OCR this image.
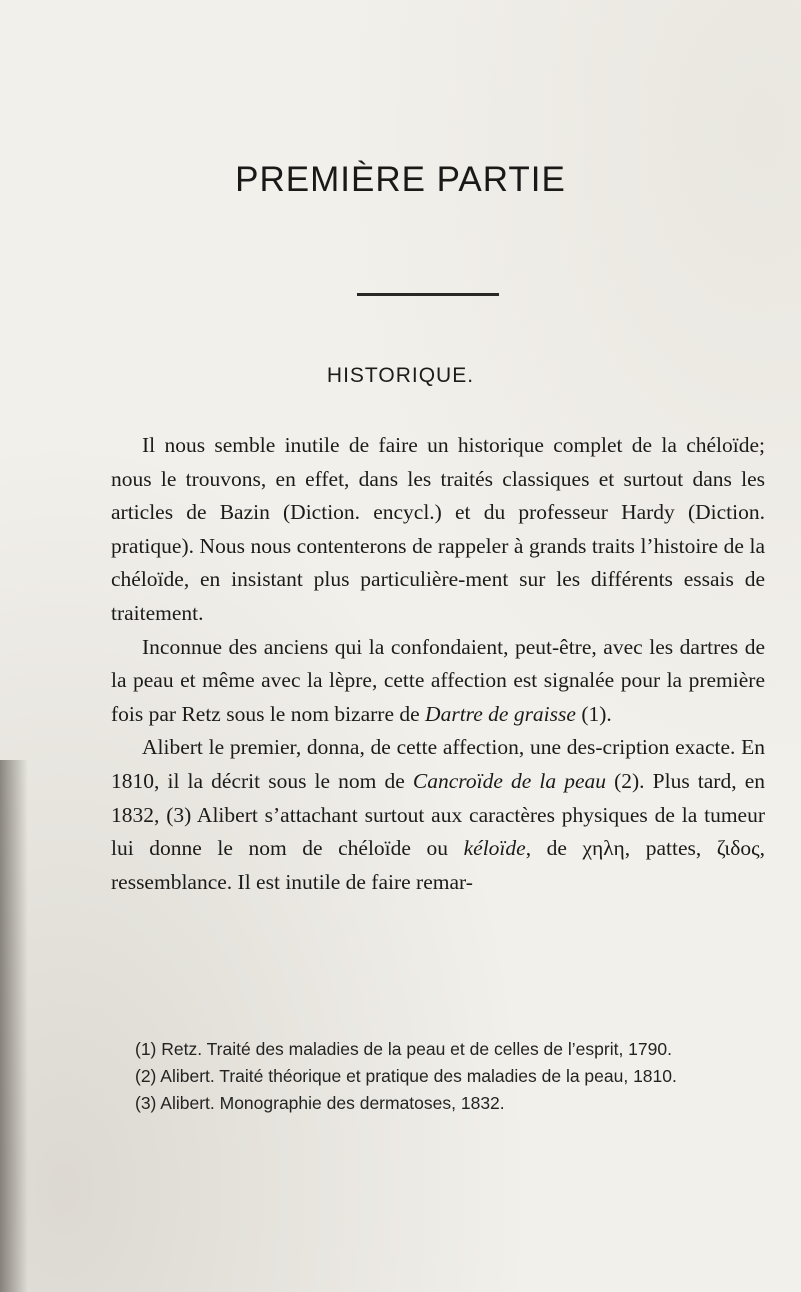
PREMIÈRE PARTIE
HISTORIQUE.

Il nous semble inutile de faire un historique complet de la chéloïde; nous le trouvons, en effet, dans les traités classiques et surtout dans les articles de Bazin (Diction. encycl.) et du professeur Hardy (Diction. pratique). Nous nous contenterons de rappeler à grands traits l’histoire de la chéloïde, en insistant plus particulière-ment sur les différents essais de traitement.

Inconnue des anciens qui la confondaient, peut-être, avec les dartres de la peau et même avec la lèpre, cette affection est signalée pour la première fois par Retz sous le nom bizarre de Dartre de graisse (1).

Alibert le premier, donna, de cette affection, une des-cription exacte. En 1810, il la décrit sous le nom de Cancroïde de la peau (2). Plus tard, en 1832, (3) Alibert s’attachant surtout aux caractères physiques de la tumeur lui donne le nom de chéloïde ou kéloïde, de χηλη, pattes, ζιδος, ressemblance. Il est inutile de faire remar-

(1) Retz. Traité des maladies de la peau et de celles de l’esprit, 1790.

(2) Alibert. Traité théorique et pratique des maladies de la peau, 1810.

(3) Alibert. Monographie des dermatoses, 1832.
